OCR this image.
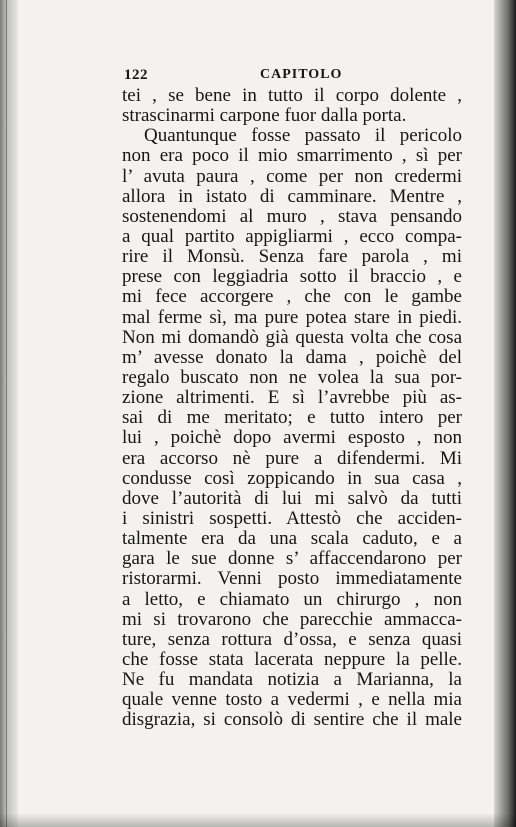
122	CAPITOLO
tei , se bene in tutto il corpo dolente ,
strascinarmi carpone fuor dalla porta.
Quantunque fosse passato il pericolo
non era poco il mio smarrimento , sì per
l’ avuta paura , come per non credermi
allora in istato di camminare. Mentre ,
sostenendomi al muro , stava pensando
a qual partito appigliarmi , ecco compa-
rire il Monsù. Senza fare parola , mi
prese con leggiadria sotto il braccio , e
mi fece accorgere , che con le gambe
mal ferme sì, ma pure potea stare in piedi.
Non mi domandò già questa volta che cosa
m’ avesse donato la dama , poichè del
regalo buscato non ne volea la sua por-
zione altrimenti. E sì l’avrebbe più as-
sai di me meritato; e tutto intero per
lui , poichè dopo avermi esposto , non
era accorso nè pure a difendermi. Mi
condusse così zoppicando in sua casa ,
dove l’autorità di lui mi salvò da tutti
i sinistri sospetti. Attestò che acciden-
talmente era da una scala caduto, e a
gara le sue donne s’ affaccendarono per
ristorarmi. Venni posto immediatamente
a letto, e chiamato un chirurgo , non
mi si trovarono che parecchie ammacca-
ture, senza rottura d’ossa, e senza quasi
che fosse stata lacerata neppure la pelle.
Ne fu mandata notizia a Marianna, la
quale venne tosto a vedermi , e nella mia
disgrazia, si consolò di sentire che il male
